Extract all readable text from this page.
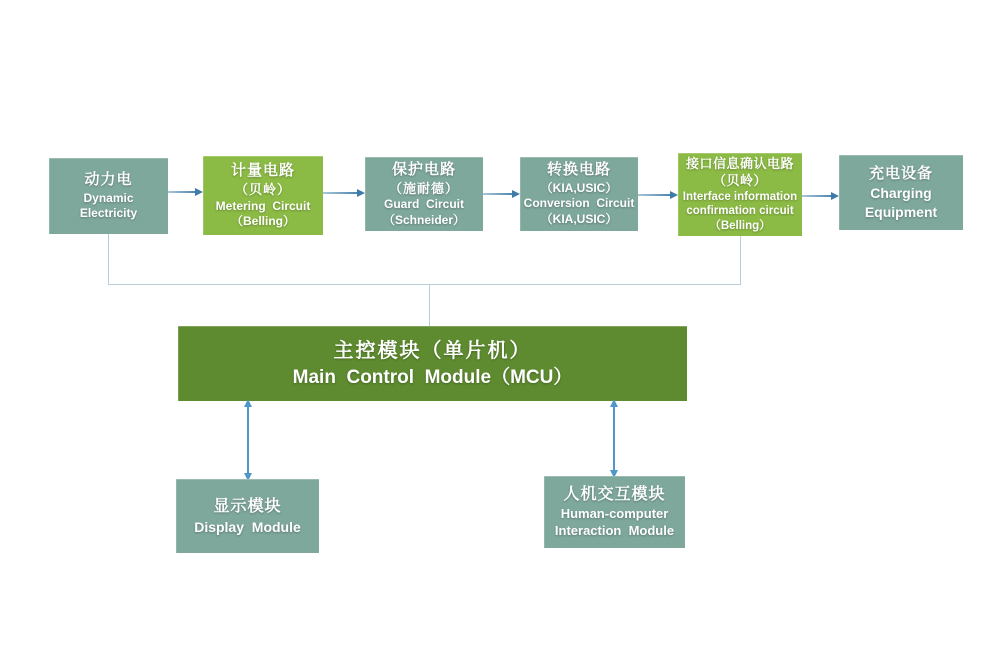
动力电
Dynamic
Electricity
计量电路
（贝岭）
Metering  Circuit
（Belling）
保护电路
（施耐德）
Guard  Circuit
（Schneider）
转换电路
（KIA,USIC）
Conversion  Circuit
（KIA,USIC）
接口信息确认电路
（贝岭）
Interface information
confirmation circuit
（Belling）
充电设备
Charging
Equipment
主控模块（单片机）
Main  Control  Module（MCU）
显示模块
Display  Module
人机交互模块
Human-computer
Interaction  Module
